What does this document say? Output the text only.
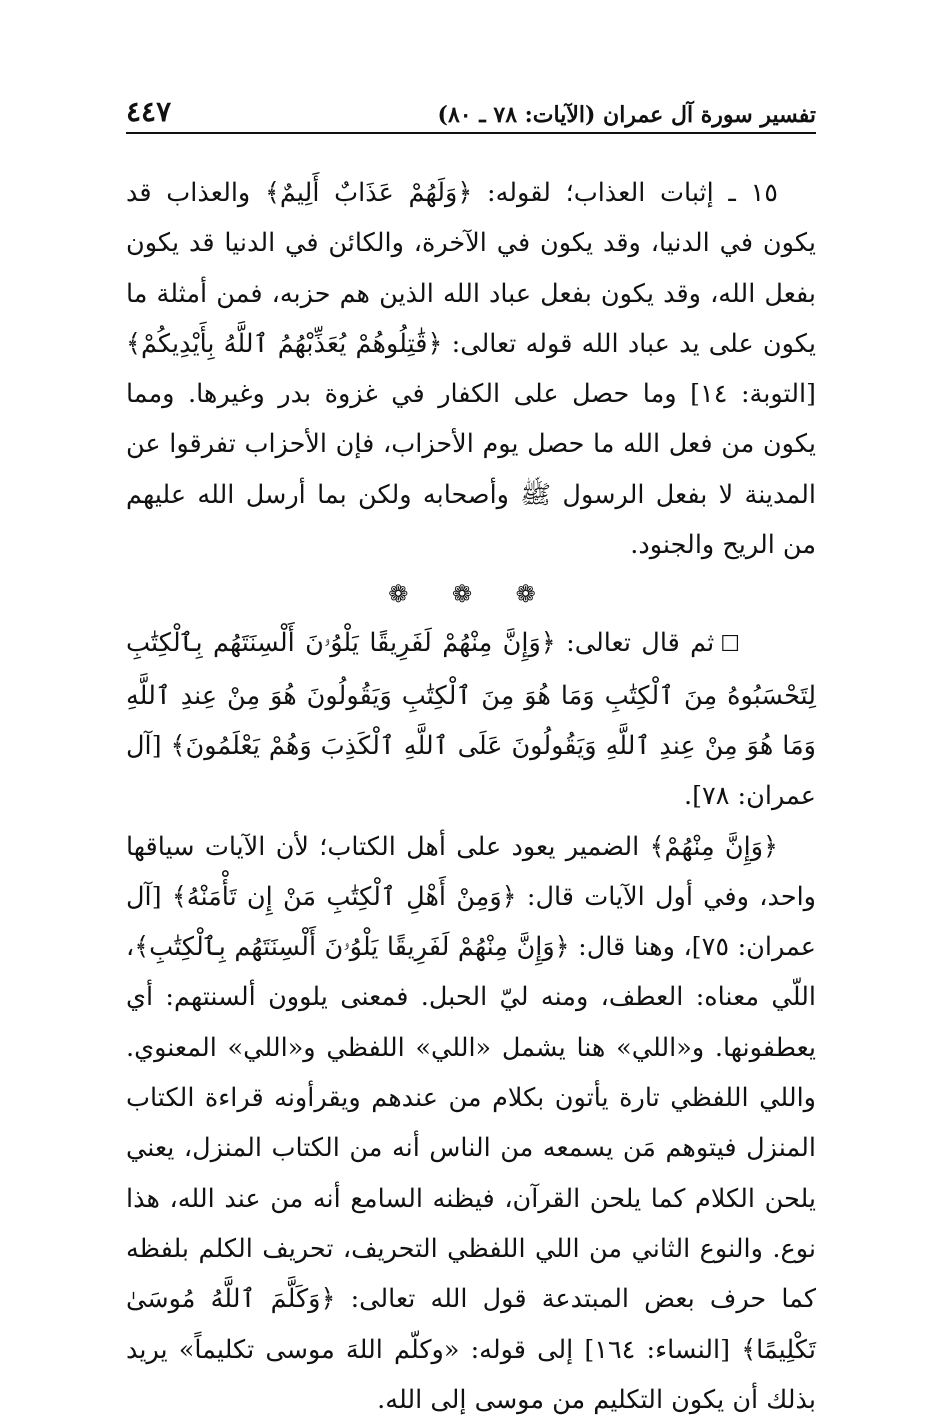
تفسير سورة آل عمران (الآيات: ٧٨ ـ ٨٠)
٤٤٧

١٥ ـ إثبات العذاب؛ لقوله: ﴿وَلَهُمْ عَذَابٌ أَلِيمٌ﴾ والعذاب قد يكون في الدنيا، وقد يكون في الآخرة، والكائن في الدنيا قد يكون بفعل الله، وقد يكون بفعل عباد الله الذين هم حزبه، فمن أمثلة ما يكون على يد عباد الله قوله تعالى: ﴿قَٰتِلُوهُمْ يُعَذِّبْهُمُ ٱللَّهُ بِأَيْدِيكُمْ﴾ [التوبة: ١٤] وما حصل على الكفار في غزوة بدر وغيرها. ومما يكون من فعل الله ما حصل يوم الأحزاب، فإن الأحزاب تفرقوا عن المدينة لا بفعل الرسول ﷺ وأصحابه ولكن بما أرسل الله عليهم من الريح والجنود.

❁ ❁ ❁

☐ثم قال تعالى: ﴿وَإِنَّ مِنْهُمْ لَفَرِيقًا يَلْوُۥنَ أَلْسِنَتَهُم بِٱلْكِتَٰبِ لِتَحْسَبُوهُ مِنَ ٱلْكِتَٰبِ وَمَا هُوَ مِنَ ٱلْكِتَٰبِ وَيَقُولُونَ هُوَ مِنْ عِندِ ٱللَّهِ وَمَا هُوَ مِنْ عِندِ ٱللَّهِ وَيَقُولُونَ عَلَى ٱللَّهِ ٱلْكَذِبَ وَهُمْ يَعْلَمُونَ﴾ [آل عمران: ٧٨].

﴿وَإِنَّ مِنْهُمْ﴾ الضمير يعود على أهل الكتاب؛ لأن الآيات سياقها واحد، وفي أول الآيات قال: ﴿وَمِنْ أَهْلِ ٱلْكِتَٰبِ مَنْ إِن تَأْمَنْهُ﴾ [آل عمران: ٧٥]، وهنا قال: ﴿وَإِنَّ مِنْهُمْ لَفَرِيقًا يَلْوُۥنَ أَلْسِنَتَهُم بِٱلْكِتَٰبِ﴾، اللّي معناه: العطف، ومنه ليّ الحبل. فمعنى يلوون ألسنتهم: أي يعطفونها. و«اللي» هنا يشمل «اللي» اللفظي و«اللي» المعنوي. واللي اللفظي تارة يأتون بكلام من عندهم ويقرأونه قراءة الكتاب المنزل فيتوهم مَن يسمعه من الناس أنه من الكتاب المنزل، يعني يلحن الكلام كما يلحن القرآن، فيظنه السامع أنه من عند الله، هذا نوع. والنوع الثاني من اللي اللفظي التحريف، تحريف الكلم بلفظه كما حرف بعض المبتدعة قول الله تعالى: ﴿وَكَلَّمَ ٱللَّهُ مُوسَىٰ تَكْلِيمًا﴾ [النساء: ١٦٤] إلى قوله: «وكلّم اللهَ موسى تكليماً» يريد بذلك أن يكون التكليم من موسى إلى الله.
